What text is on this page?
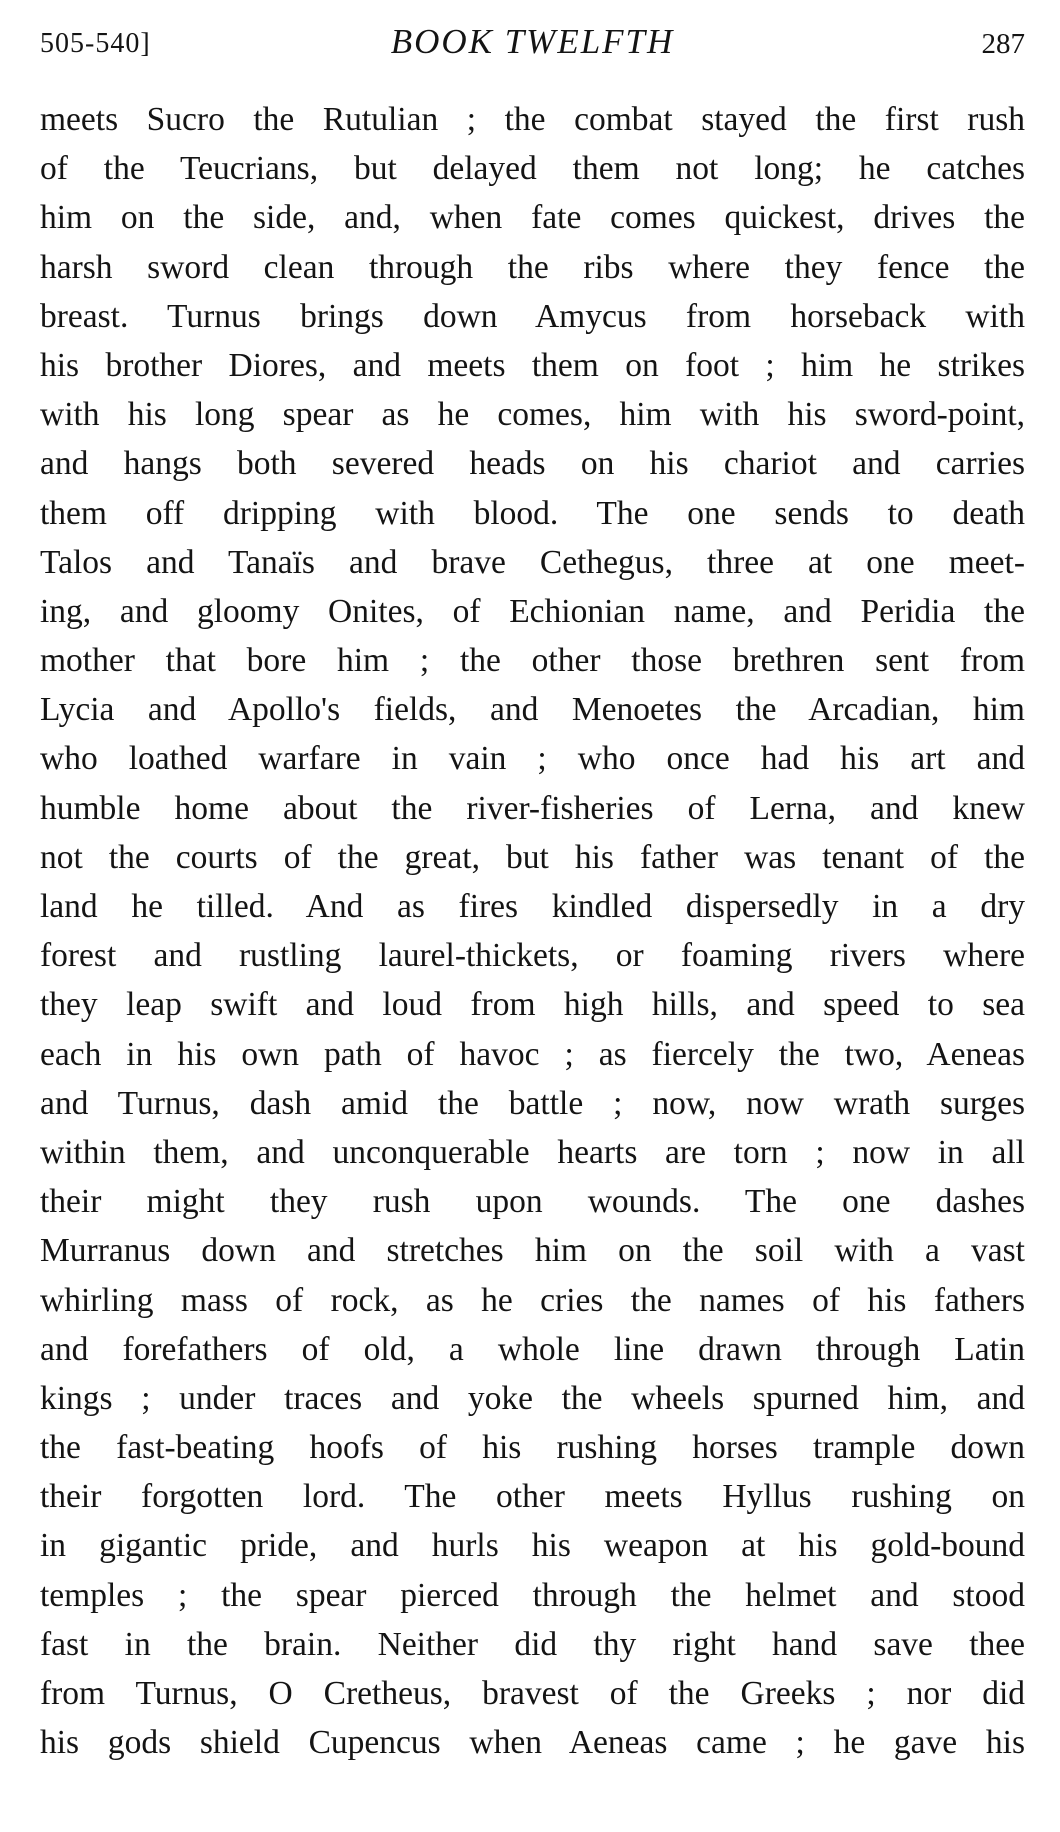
505-540]	BOOK TWELFTH	287
meets Sucro the Rutulian ; the combat stayed the first rush
of the Teucrians, but delayed them not long; he catches
him on the side, and, when fate comes quickest, drives the
harsh sword clean through the ribs where they fence the
breast. Turnus brings down Amycus from horseback with
his brother Diores, and meets them on foot ; him he strikes
with his long spear as he comes, him with his sword-point,
and hangs both severed heads on his chariot and carries
them off dripping with blood. The one sends to death
Talos and Tanaïs and brave Cethegus, three at one meet-
ing, and gloomy Onites, of Echionian name, and Peridia the
mother that bore him ; the other those brethren sent from
Lycia and Apollo's fields, and Menoetes the Arcadian, him
who loathed warfare in vain ; who once had his art and
humble home about the river-fisheries of Lerna, and knew
not the courts of the great, but his father was tenant of the
land he tilled. And as fires kindled dispersedly in a dry
forest and rustling laurel-thickets, or foaming rivers where
they leap swift and loud from high hills, and speed to sea
each in his own path of havoc ; as fiercely the two, Aeneas
and Turnus, dash amid the battle ; now, now wrath surges
within them, and unconquerable hearts are torn ; now in all
their might they rush upon wounds. The one dashes
Murranus down and stretches him on the soil with a vast
whirling mass of rock, as he cries the names of his fathers
and forefathers of old, a whole line drawn through Latin
kings ; under traces and yoke the wheels spurned him, and
the fast-beating hoofs of his rushing horses trample down
their forgotten lord. The other meets Hyllus rushing on
in gigantic pride, and hurls his weapon at his gold-bound
temples ; the spear pierced through the helmet and stood
fast in the brain. Neither did thy right hand save thee
from Turnus, O Cretheus, bravest of the Greeks ; nor did
his gods shield Cupencus when Aeneas came ; he gave his
